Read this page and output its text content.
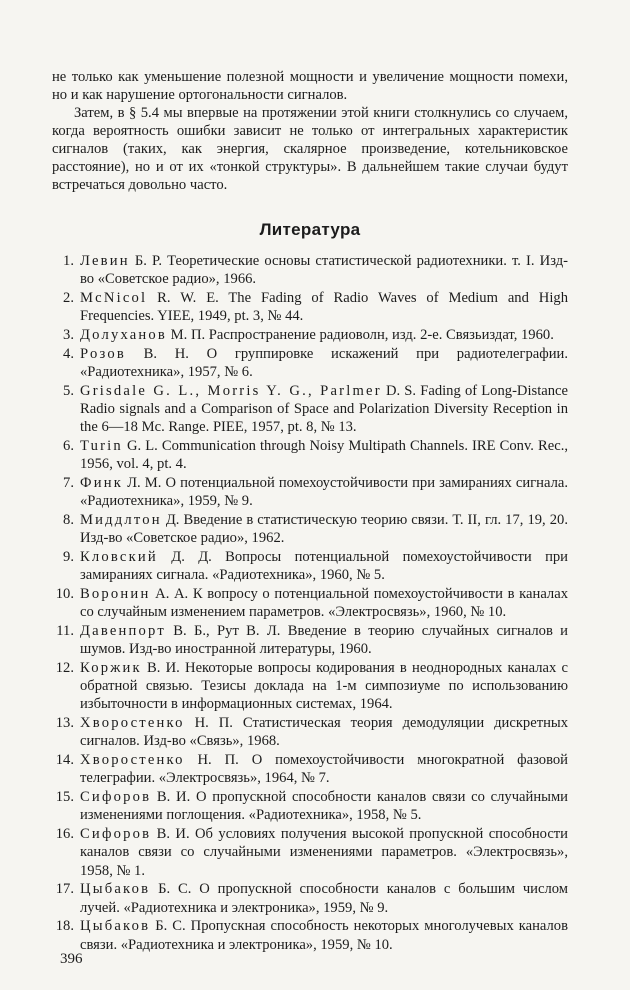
не только как уменьшение полезной мощности и увеличение мощности помехи, но и как нарушение ортогональности сигналов.

Затем, в § 5.4 мы впервые на протяжении этой книги столкнулись со случаем, когда вероятность ошибки зависит не только от интегральных характеристик сигналов (таких, как энергия, скалярное произведение, котельниковское расстояние), но и от их «тонкой структуры». В дальнейшем такие случаи будут встречаться довольно часто.

Литература
1. Левин Б. Р. Теоретические основы статистической радиотехники. т. I. Изд-во «Советское радио», 1966.
2. McNicol R. W. E. The Fading of Radio Waves of Medium and High Frequencies. YIEE, 1949, pt. 3, № 44.
3. Долуханов М. П. Распространение радиоволн, изд. 2-е. Связьиздат, 1960.
4. Розов В. Н. О группировке искажений при радиотелеграфии. «Радиотехника», 1957, № 6.
5. Grisdale G. L., Morris Y. G., Parlmer D. S. Fading of Long-Distance Radio signals and a Comparison of Space and Polarization Diversity Reception in the 6—18 Mc. Range. PIEE, 1957, pt. 8, № 13.
6. Turin G. L. Communication through Noisy Multipath Channels. IRE Conv. Rec., 1956, vol. 4, pt. 4.
7. Финк Л. М. О потенциальной помехоустойчивости при замираниях сигнала. «Радиотехника», 1959, № 9.
8. Миддлтон Д. Введение в статистическую теорию связи. Т. II, гл. 17, 19, 20. Изд-во «Советское радио», 1962.
9. Кловский Д. Д. Вопросы потенциальной помехоустойчивости при замираниях сигнала. «Радиотехника», 1960, № 5.
10. Воронин А. А. К вопросу о потенциальной помехоустойчивости в каналах со случайным изменением параметров. «Электросвязь», 1960, № 10.
11. Давенпорт В. Б., Рут В. Л. Введение в теорию случайных сигналов и шумов. Изд-во иностранной литературы, 1960.
12. Коржик В. И. Некоторые вопросы кодирования в неоднородных каналах с обратной связью. Тезисы доклада на 1-м симпозиуме по использованию избыточности в информационных системах, 1964.
13. Хворостенко Н. П. Статистическая теория демодуляции дискретных сигналов. Изд-во «Связь», 1968.
14. Хворостенко Н. П. О помехоустойчивости многократной фазовой телеграфии. «Электросвязь», 1964, № 7.
15. Сифоров В. И. О пропускной способности каналов связи со случайными изменениями поглощения. «Радиотехника», 1958, № 5.
16. Сифоров В. И. Об условиях получения высокой пропускной способности каналов связи со случайными изменениями параметров. «Электросвязь», 1958, № 1.
17. Цыбаков Б. С. О пропускной способности каналов с большим числом лучей. «Радиотехника и электроника», 1959, № 9.
18. Цыбаков Б. С. Пропускная способность некоторых многолучевых каналов связи. «Радиотехника и электроника», 1959, № 10.
396
